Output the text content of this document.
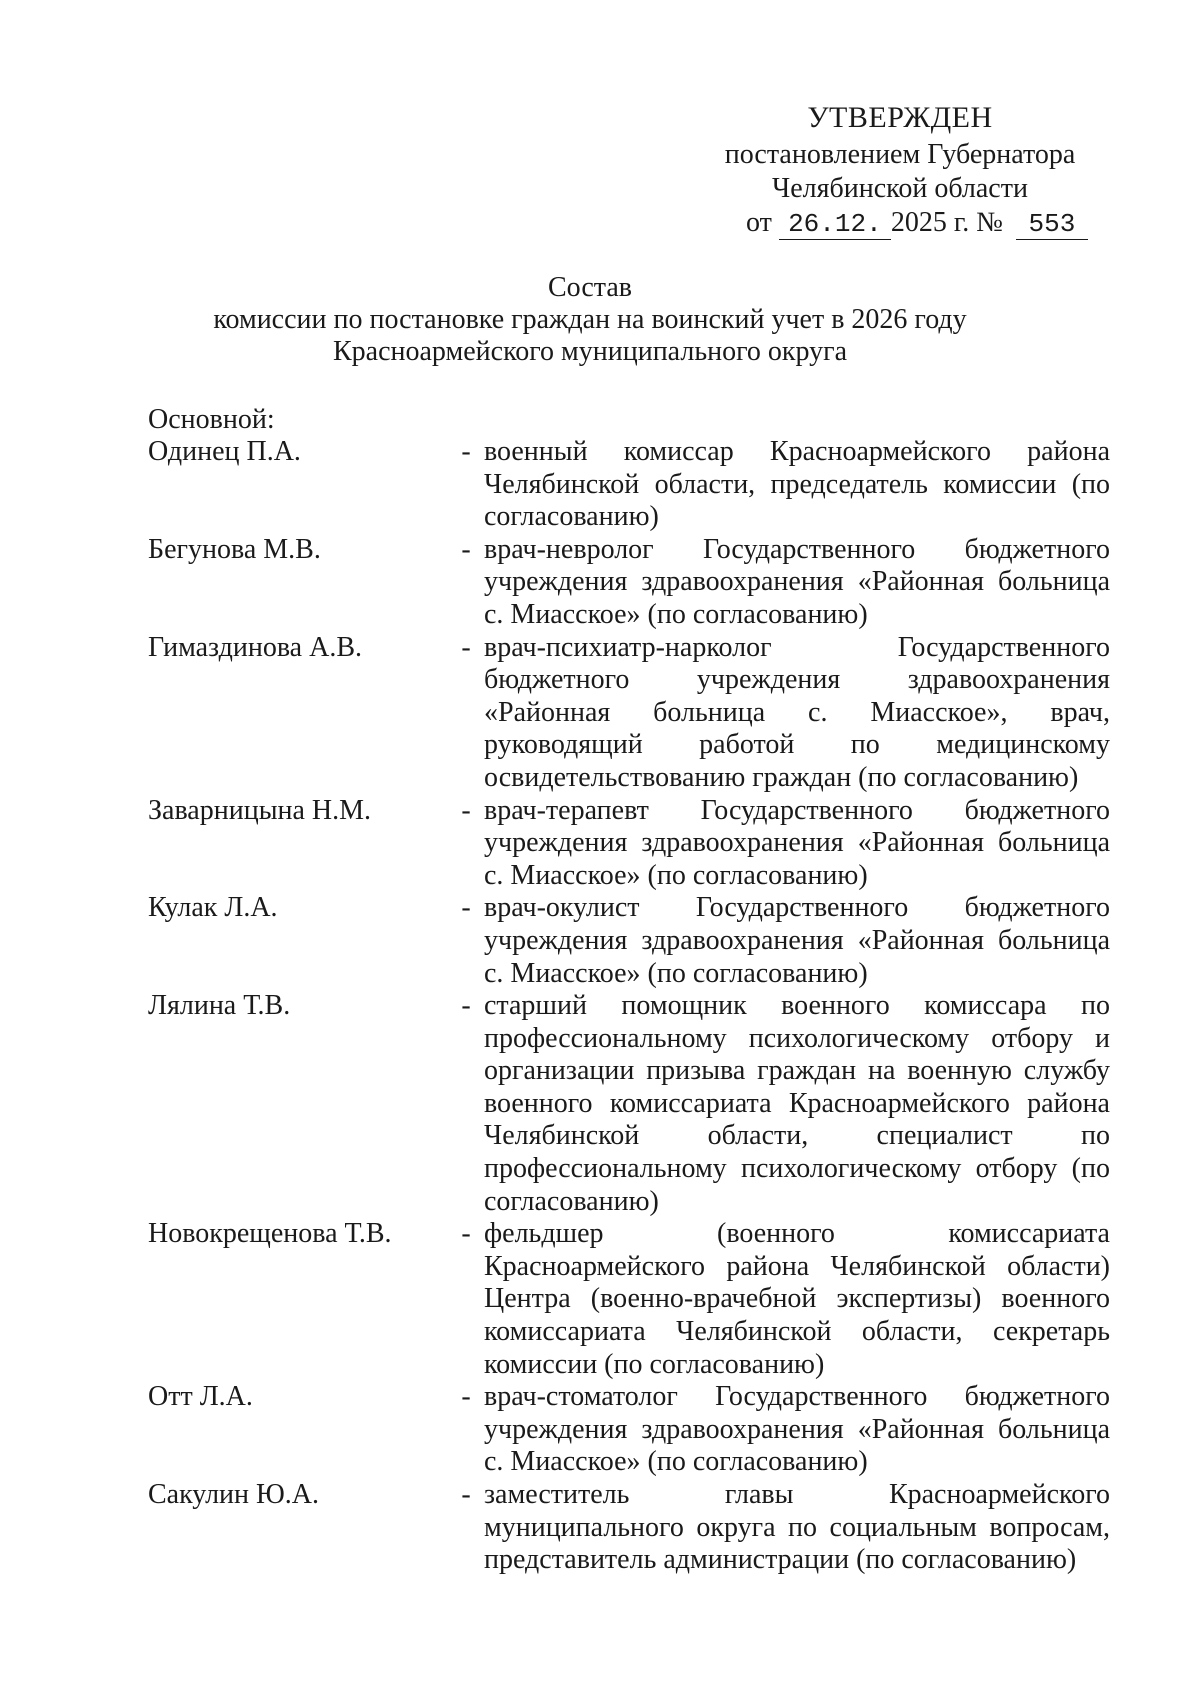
УТВЕРЖДЕН
постановлением Губернатора
Челябинской области
от 26.12. 2025 г. № 553
Состав
комиссии по постановке граждан на воинский учет в 2026 году
Красноармейского муниципального округа
Основной:
Одинец П.А.	- военный комиссар Красноармейского района Челябинской области, председатель комиссии (по согласованию)
Бегунова М.В.	- врач-невролог Государственного бюджетного учреждения здравоохранения «Районная больница с. Миасское» (по согласованию)
Гимаздинова А.В.	- врач-психиатр-нарколог Государственного бюджетного учреждения здравоохранения «Районная больница с. Миасское», врач, руководящий работой по медицинскому освидетельствованию граждан (по согласованию)
Заварницына Н.М.	- врач-терапевт Государственного бюджетного учреждения здравоохранения «Районная больница с. Миасское» (по согласованию)
Кулак Л.А.	- врач-окулист Государственного бюджетного учреждения здравоохранения «Районная больница с. Миасское» (по согласованию)
Лялина Т.В.	- старший помощник военного комиссара по профессиональному психологическому отбору и организации призыва граждан на военную службу военного комиссариата Красноармейского района Челябинской области, специалист по профессиональному психологическому отбору (по согласованию)
Новокрещенова Т.В.	- фельдшер (военного комиссариата Красноармейского района Челябинской области) Центра (военно-врачебной экспертизы) военного комиссариата Челябинской области, секретарь комиссии (по согласованию)
Отт Л.А.	- врач-стоматолог Государственного бюджетного учреждения здравоохранения «Районная больница с. Миасское» (по согласованию)
Сакулин Ю.А.	- заместитель главы Красноармейского муниципального округа по социальным вопросам, представитель администрации (по согласованию)
